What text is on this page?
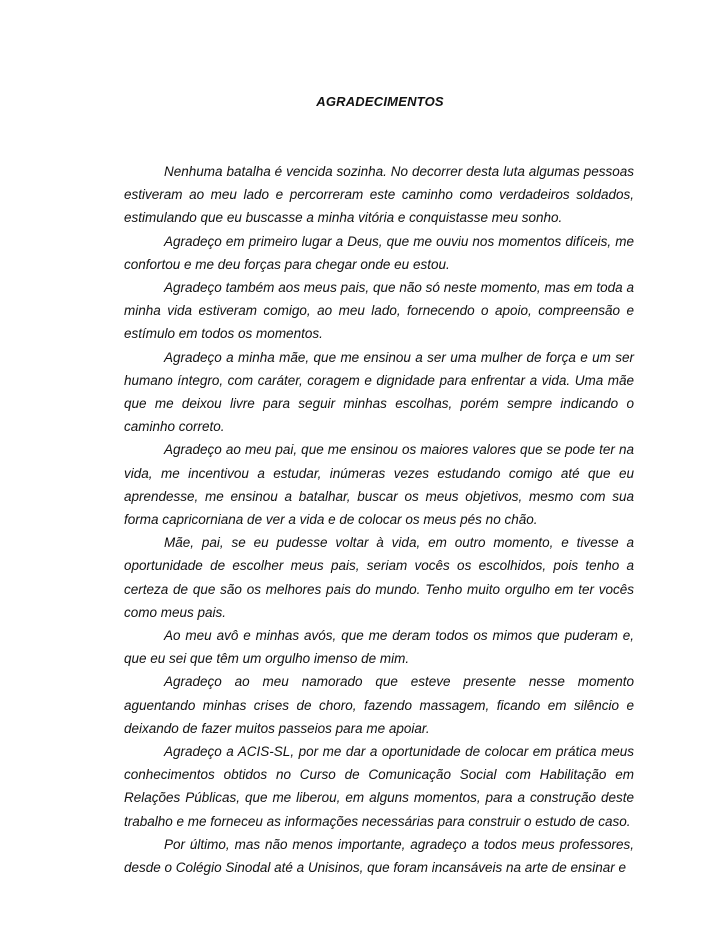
AGRADECIMENTOS

Nenhuma batalha é vencida sozinha. No decorrer desta luta algumas pessoas estiveram ao meu lado e percorreram este caminho como verdadeiros soldados, estimulando que eu buscasse a minha vitória e conquistasse meu sonho.

Agradeço em primeiro lugar a Deus, que me ouviu nos momentos difíceis, me confortou e me deu forças para chegar onde eu estou.

Agradeço também aos meus pais, que não só neste momento, mas em toda a minha vida estiveram comigo, ao meu lado, fornecendo o apoio, compreensão e estímulo em todos os momentos.

Agradeço a minha mãe, que me ensinou a ser uma mulher de força e um ser humano íntegro, com caráter, coragem e dignidade para enfrentar a vida. Uma mãe que me deixou livre para seguir minhas escolhas, porém sempre indicando o caminho correto.

Agradeço ao meu pai, que me ensinou os maiores valores que se pode ter na vida, me incentivou a estudar, inúmeras vezes estudando comigo até que eu aprendesse, me ensinou a batalhar, buscar os meus objetivos, mesmo com sua forma capricorniana de ver a vida e de colocar os meus pés no chão.

Mãe, pai, se eu pudesse voltar à vida, em outro momento, e tivesse a oportunidade de escolher meus pais, seriam vocês os escolhidos, pois tenho a certeza de que são os melhores pais do mundo. Tenho muito orgulho em ter vocês como meus pais.

Ao meu avô e minhas avós, que me deram todos os mimos que puderam e, que eu sei que têm um orgulho imenso de mim.

Agradeço ao meu namorado que esteve presente nesse momento aguentando minhas crises de choro, fazendo massagem, ficando em silêncio e deixando de fazer muitos passeios para me apoiar.

Agradeço a ACIS-SL, por me dar a oportunidade de colocar em prática meus conhecimentos obtidos no Curso de Comunicação Social com Habilitação em Relações Públicas, que me liberou, em alguns momentos, para a construção deste trabalho e me forneceu as informações necessárias para construir o estudo de caso.

Por último, mas não menos importante, agradeço a todos meus professores, desde o Colégio Sinodal até a Unisinos, que foram incansáveis na arte de ensinar e
